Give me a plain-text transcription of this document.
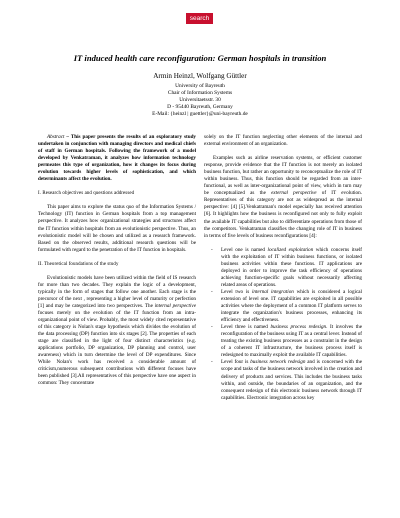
search
IT induced health care reconfiguration: German hospitals in transition
Armin Heinzl, Wolfgang Güttler
University of Bayreuth
Chair of Information Systems
Universitaetsstr. 30
D - 95440 Bayreuth, Germany
E-Mail: {heinzl | guettler}@uni-bayreuth.de

Abstract – This paper presents the results of an exploratory study undertaken in conjunction with managing directors and medical chiefs of staff in German hospitals. Following the framework of a model developed by Venkatraman, it analyzes how information technology permeates this type of organization, how it changes its focus during evolution towards higher levels of sophistication, and which determinants affect the evolution.

I. Research objectives and questions addressed

This paper aims to explore the status quo of the Information Systems / Technology (IT) function in German hospitals from a top management perspective. It analyzes how organizational strategies and structures affect the IT function within hospitals from an evolutionistic perspective. Thus, an evolutionistic model will be chosen and utilized as a research framework. Based on the observed results, additional research questions will be formulated with regard to the penetration of the IT function in hospitals.

II. Theoretical foundations of the study

Evolutionistic models have been utilized within the field of IS research for more than two decades. They explain the logic of a development, typically in the form of stages that follow one another. Each stage is the precursor of the next , representing a higher level of maturity or perfection [1] and may be categorized into two perspectives. The internal perspective focuses merely on the evolution of the IT function from an intra-organizational point of view. Probably, the most widely cited representative of this category is Nolan's stage hypothesis which divides the evolution of the data processing (DP) function into six stages [2]. The properties of each stage are classified in the light of four distinct characteristics (e.g. applications portfolio, DP organization, DP planning and control, user awareness) which in turn determine the level of DP expenditures. Since While Nolan's work has received a considerable amount of criticism,numerous subsequent contributions with different focuses have been published [3].All representatives of this perspective have one aspect in common: They concentrate

solely on the IT function neglecting other elements of the internal and external environment of an organization.

Examples such as airline reservation systems, or efficient customer response, provide evidence that the IT function is not merely an isolated business function, but rather an opportunity to reconceptualize the role of IT within business. Thus, this function should be regarded from an inter-functional, as well as inter-organizational point of view, which in turn may be conceptualized as the external perspective of IT evolution. Representatives of this category are not as widespread as the internal perspective: [4] [5].Venkatraman's model especially has received attention [6]. It highlights how the business is reconfigured not only to fully exploit the available IT capabilities but also to differentiate operations from those of the competitors. Venkatraman classifies the changing role of IT in business in terms of five levels of business reconfigurations [4]:

- Level one is named localized exploitation which concerns itself with the exploitation of IT within business functions, or isolated business activities within these functions. IT applications are deployed in order to improve the task efficiency of operations achieving function-specific goals without necessarily affecting related areas of operations.
- Level two is internal integration which is considered a logical extension of level one. IT capabilities are exploited in all possible activities where the deployment of a common IT platform serves to integrate the organization's business processes, enhancing its efficiency and effectiveness.
- Level three is named business process redesign. It involves the reconfiguration of the business using IT as a central lever. Instead of treating the existing business processes as a constraint in the design of a coherent IT infrastructure, the business process itself is redesigned to maximally exploit the available IT capabilities.
- Level four is business network redesign and is concerned with the scope and tasks of the business network involved in the creation and delivery of products and services. This includes the business tasks within, and outside, the boundaries of an organization, and the consequent redesign of this electronic business network through IT capabilities. Electronic integration across key
